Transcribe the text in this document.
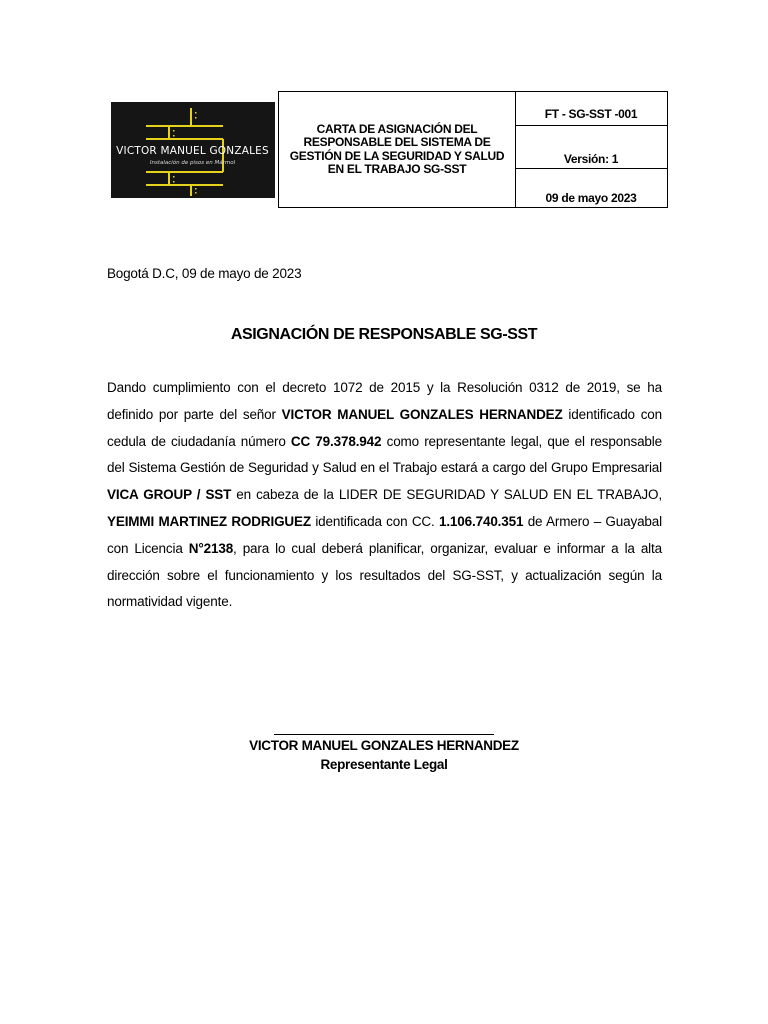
VICTOR MANUEL GONZALES
Instalación de pisos en Mármol
CARTA DE ASIGNACIÓN DEL RESPONSABLE DEL SISTEMA DE GESTIÓN DE LA SEGURIDAD Y SALUD EN EL TRABAJO SG-SST
FT - SG-SST -001
Versión: 1
09 de mayo 2023
Bogotá D.C, 09 de mayo de 2023
ASIGNACIÓN DE RESPONSABLE SG-SST

Dando cumplimiento con el decreto 1072 de 2015 y la Resolución 0312 de 2019, se ha definido por parte del señor VICTOR MANUEL GONZALES HERNANDEZ identificado con cedula de ciudadanía número CC 79.378.942 como representante legal, que el responsable del Sistema Gestión de Seguridad y Salud en el Trabajo estará a cargo del Grupo Empresarial VICA GROUP / SST en cabeza de la LIDER DE SEGURIDAD Y SALUD EN EL TRABAJO, YEIMMI MARTINEZ RODRIGUEZ identificada con CC. 1.106.740.351 de Armero – Guayabal con Licencia N°2138, para lo cual deberá planificar, organizar, evaluar e informar a la alta dirección sobre el funcionamiento y los resultados del SG-SST, y actualización según la normatividad vigente.

VICTOR MANUEL GONZALES HERNANDEZ
Representante Legal
